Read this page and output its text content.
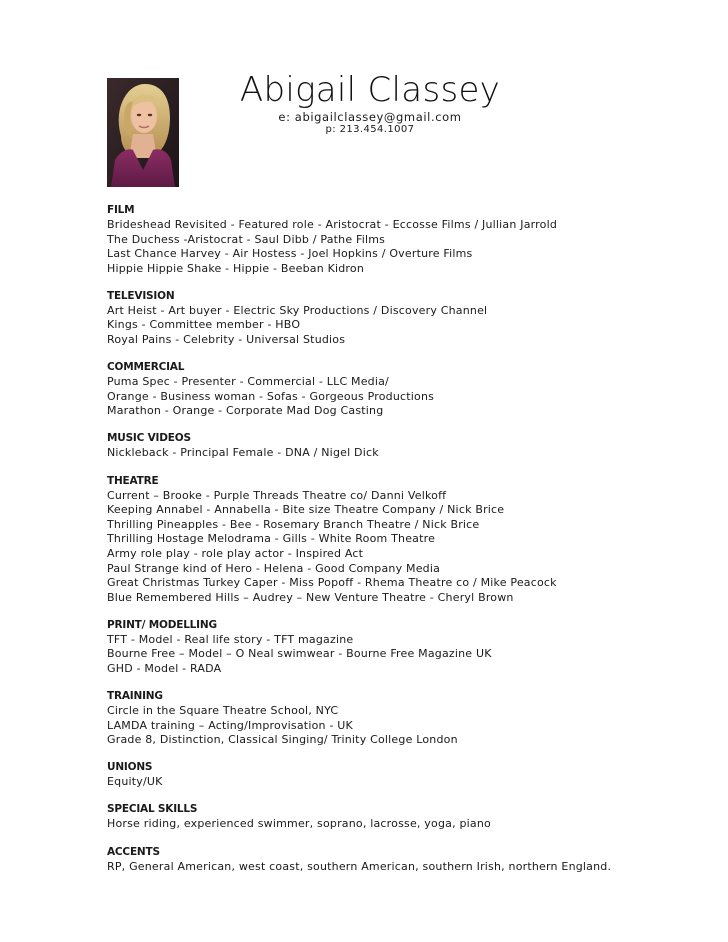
Abigail Classey
e: abigailclassey@gmail.com
p: 213.454.1007
FILM
Brideshead Revisited - Featured role - Aristocrat - Eccosse Films / Jullian Jarrold
The Duchess -Aristocrat - Saul Dibb / Pathe Films
Last Chance Harvey - Air Hostess - Joel Hopkins / Overture Films
Hippie Hippie Shake - Hippie - Beeban Kidron
TELEVISION
Art Heist - Art buyer - Electric Sky Productions / Discovery Channel
Kings - Committee member - HBO
Royal Pains - Celebrity - Universal Studios
COMMERCIAL
Puma Spec - Presenter - Commercial - LLC Media/
Orange - Business woman - Sofas - Gorgeous Productions
Marathon - Orange - Corporate Mad Dog Casting
MUSIC VIDEOS
Nickleback - Principal Female - DNA / Nigel Dick
THEATRE
Current – Brooke - Purple Threads Theatre co/ Danni Velkoff
Keeping Annabel - Annabella - Bite size Theatre Company / Nick Brice
Thrilling Pineapples - Bee - Rosemary Branch Theatre / Nick Brice
Thrilling Hostage Melodrama - Gills - White Room Theatre
Army role play - role play actor - Inspired Act
Paul Strange kind of Hero - Helena - Good Company Media
Great Christmas Turkey Caper - Miss Popoff - Rhema Theatre co / Mike Peacock
Blue Remembered Hills – Audrey – New Venture Theatre - Cheryl Brown
PRINT/ MODELLING
TFT - Model - Real life story - TFT magazine
Bourne Free – Model – O Neal swimwear - Bourne Free Magazine UK
GHD - Model - RADA
TRAINING
Circle in the Square Theatre School, NYC
LAMDA training – Acting/Improvisation - UK
Grade 8, Distinction, Classical Singing/ Trinity College London
UNIONS
Equity/UK
SPECIAL SKILLS
Horse riding, experienced swimmer, soprano, lacrosse, yoga, piano
ACCENTS
RP, General American, west coast, southern American, southern Irish, northern England.
